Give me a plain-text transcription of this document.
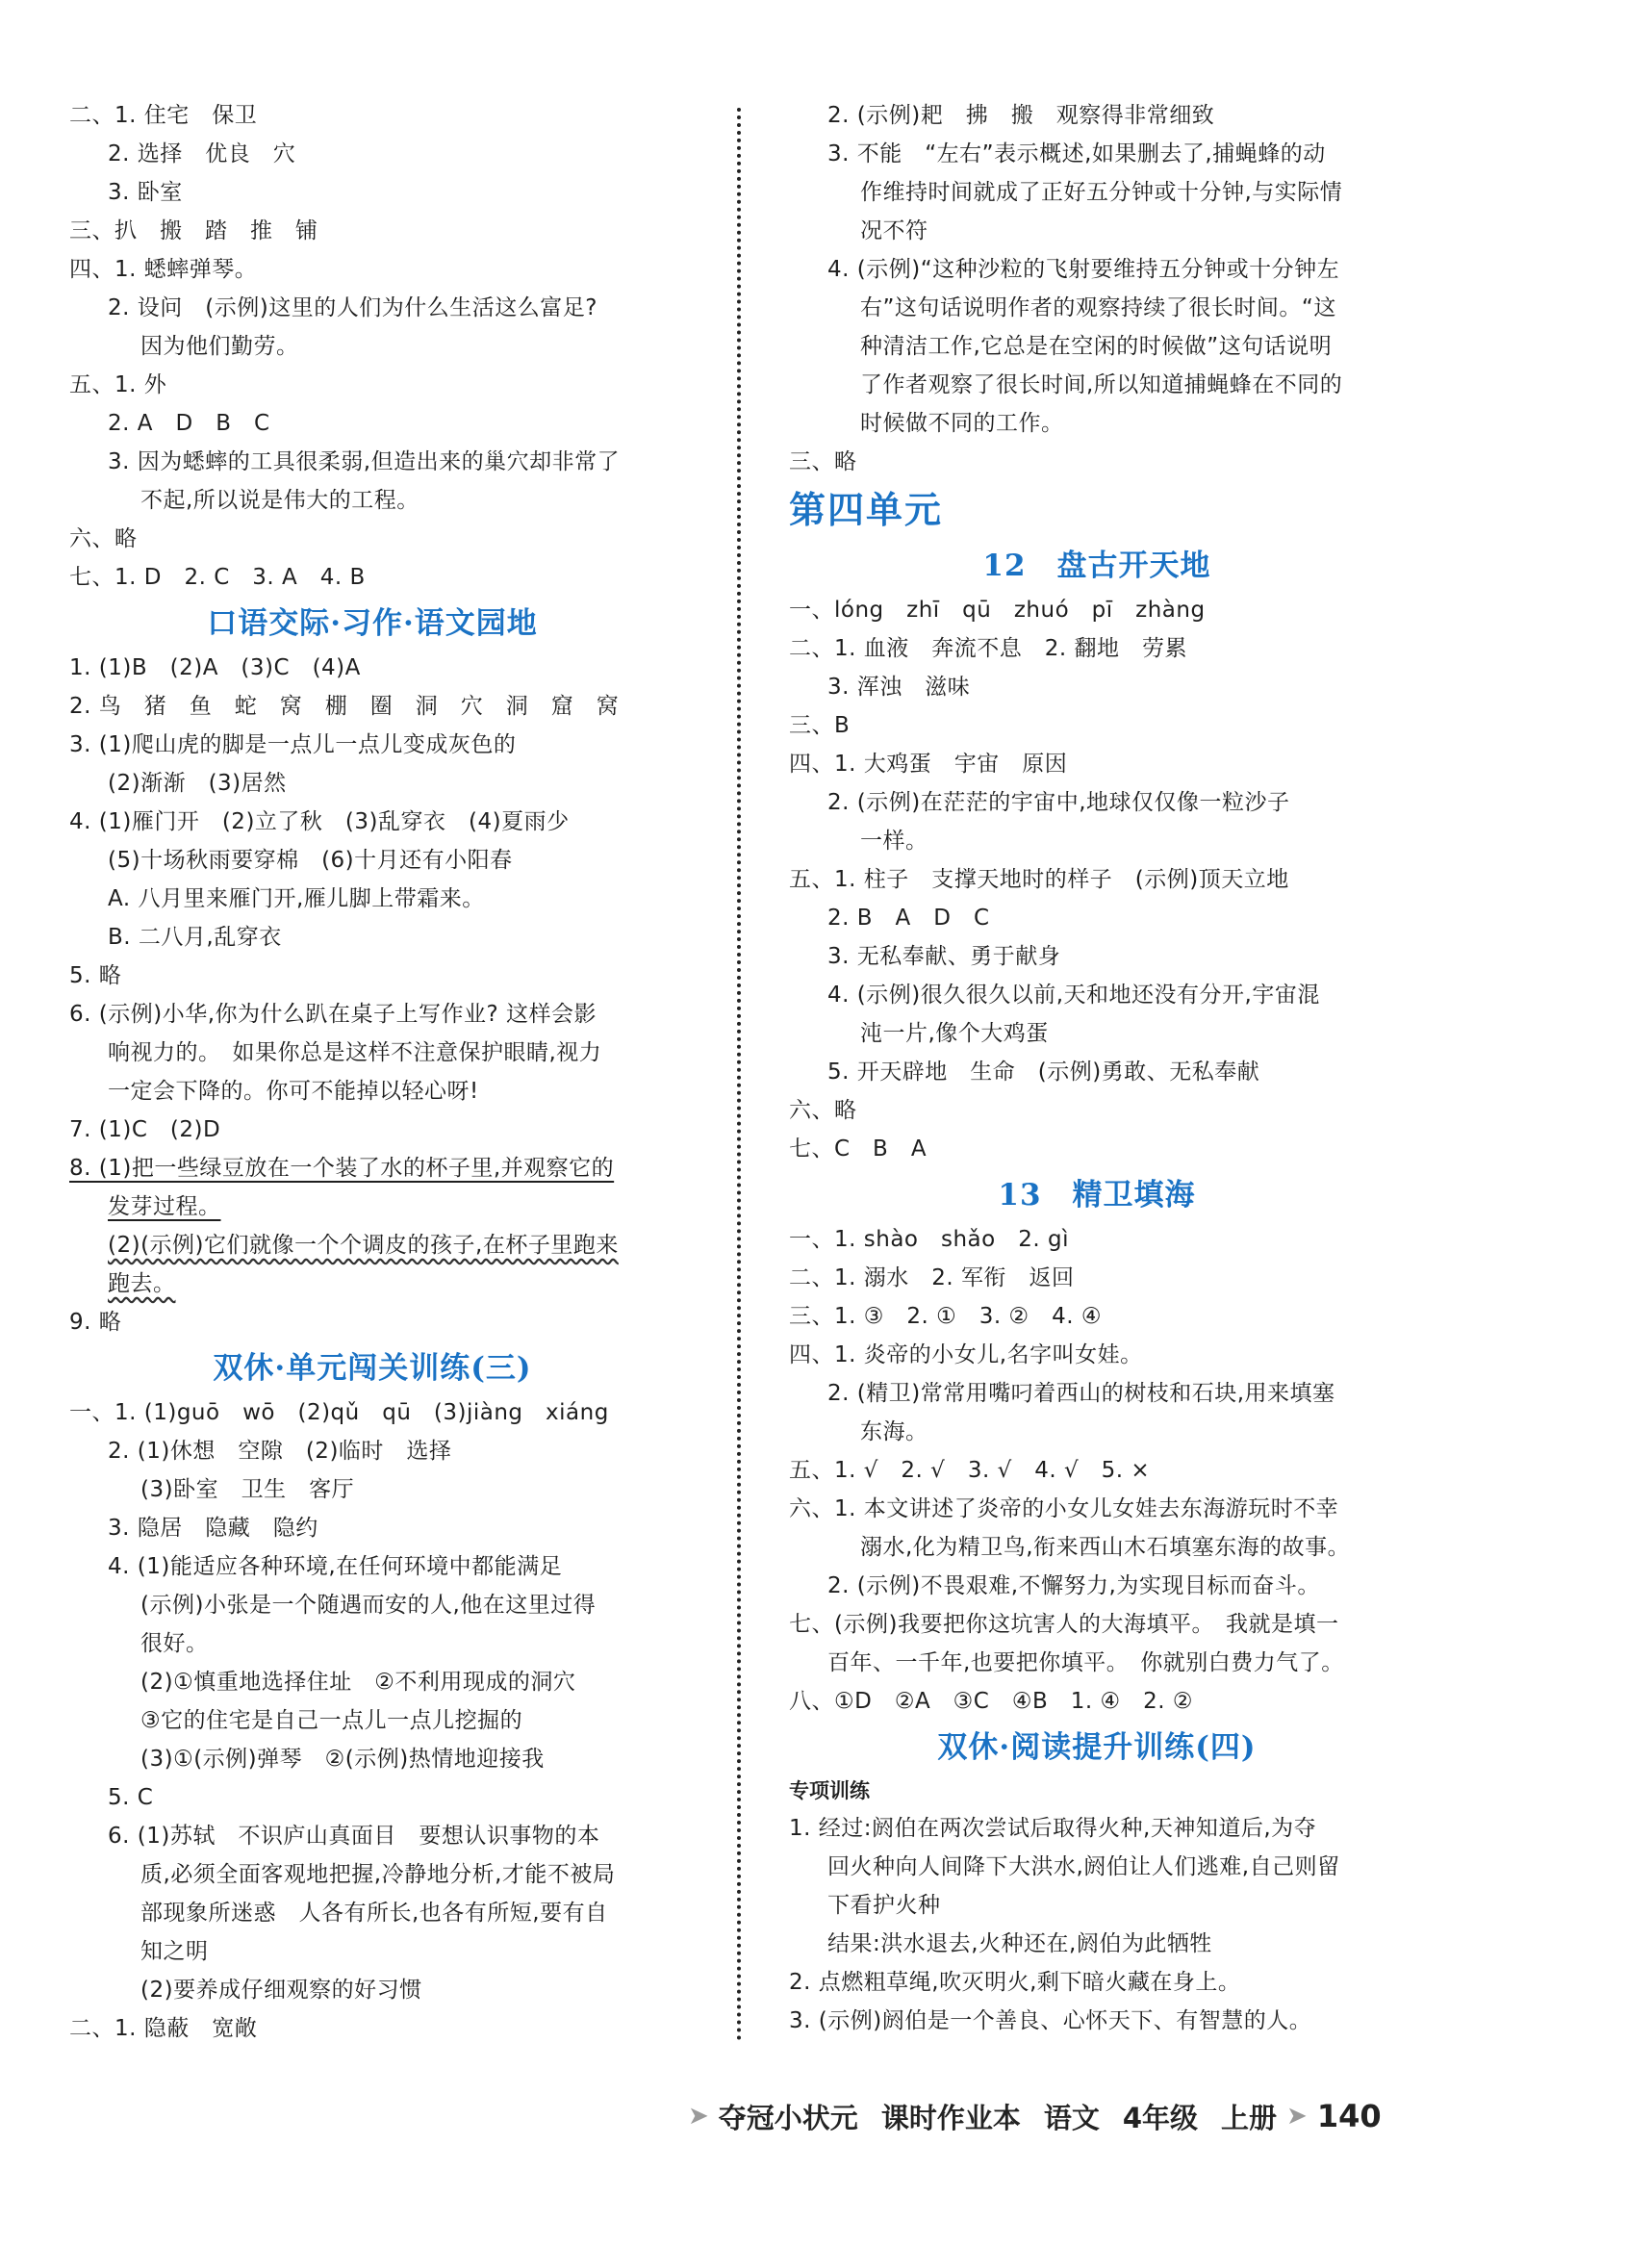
二、1. 住宅　保卫
2. 选择　优良　穴
3. 卧室
三、扒　搬　踏　推　铺
四、1. 蟋蟀弹琴。
2. 设问　(示例)这里的人们为什么生活这么富足?
因为他们勤劳。
五、1. 外
2. A　D　B　C
3. 因为蟋蟀的工具很柔弱,但造出来的巢穴却非常了
不起,所以说是伟大的工程。
六、略
七、1. D　2. C　3. A　4. B
口语交际·习作·语文园地
1. (1)B　(2)A　(3)C　(4)A
2. 鸟　猪　鱼　蛇　窝　棚　圈　洞　穴　洞　窟　窝
3. (1)爬山虎的脚是一点儿一点儿变成灰色的
(2)渐渐　(3)居然
4. (1)雁门开　(2)立了秋　(3)乱穿衣　(4)夏雨少
(5)十场秋雨要穿棉　(6)十月还有小阳春
A. 八月里来雁门开,雁儿脚上带霜来。
B. 二八月,乱穿衣
5. 略
6. (示例)小华,你为什么趴在桌子上写作业? 这样会影
响视力的。　如果你总是这样不注意保护眼睛,视力
一定会下降的。你可不能掉以轻心呀!
7. (1)C　(2)D
8. (1)把一些绿豆放在一个装了水的杯子里,并观察它的
发芽过程。
(2)(示例)它们就像一个个调皮的孩子,在杯子里跑来
跑去。
9. 略
双休·单元闯关训练(三)
一、1. (1)guō　wō　(2)qǔ　qū　(3)jiàng　xiáng
2. (1)休想　空隙　(2)临时　选择
(3)卧室　卫生　客厅
3. 隐居　隐藏　隐约
4. (1)能适应各种环境,在任何环境中都能满足
(示例)小张是一个随遇而安的人,他在这里过得
很好。
(2)①慎重地选择住址　②不利用现成的洞穴
③它的住宅是自己一点儿一点儿挖掘的
(3)①(示例)弹琴　②(示例)热情地迎接我
5. C
6. (1)苏轼　不识庐山真面目　要想认识事物的本
质,必须全面客观地把握,冷静地分析,才能不被局
部现象所迷惑　人各有所长,也各有所短,要有自
知之明
(2)要养成仔细观察的好习惯
二、1. 隐蔽　宽敞
2. (示例)耙　拂　搬　观察得非常细致
3. 不能　“左右”表示概述,如果删去了,捕蝇蜂的动
作维持时间就成了正好五分钟或十分钟,与实际情
况不符
4. (示例)“这种沙粒的飞射要维持五分钟或十分钟左
右”这句话说明作者的观察持续了很长时间。“这
种清洁工作,它总是在空闲的时候做”这句话说明
了作者观察了很长时间,所以知道捕蝇蜂在不同的
时候做不同的工作。
三、略
第四单元
12　盘古开天地
一、lóng　zhī　qū　zhuó　pī　zhàng
二、1. 血液　奔流不息　2. 翻地　劳累
3. 浑浊　滋味
三、B
四、1. 大鸡蛋　宇宙　原因
2. (示例)在茫茫的宇宙中,地球仅仅像一粒沙子
一样。
五、1. 柱子　支撑天地时的样子　(示例)顶天立地
2. B　A　D　C
3. 无私奉献、勇于献身
4. (示例)很久很久以前,天和地还没有分开,宇宙混
沌一片,像个大鸡蛋
5. 开天辟地　生命　(示例)勇敢、无私奉献
六、略
七、C　B　A
13　精卫填海
一、1. shào　shǎo　2. gì
二、1. 溺水　2. 军衔　返回
三、1. ③　2. ①　3. ②　4. ④
四、1. 炎帝的小女儿,名字叫女娃。
2. (精卫)常常用嘴叼着西山的树枝和石块,用来填塞
东海。
五、1. √　2. √　3. √　4. √　5. ×
六、1. 本文讲述了炎帝的小女儿女娃去东海游玩时不幸
溺水,化为精卫鸟,衔来西山木石填塞东海的故事。
2. (示例)不畏艰难,不懈努力,为实现目标而奋斗。
七、(示例)我要把你这坑害人的大海填平。　我就是填一
百年、一千年,也要把你填平。　你就别白费力气了。
八、①D　②A　③C　④B　1. ④　2. ②
双休·阅读提升训练(四)
专项训练
1. 经过:阏伯在两次尝试后取得火种,天神知道后,为夺
回火种向人间降下大洪水,阏伯让人们逃难,自己则留
下看护火种
结果:洪水退去,火种还在,阏伯为此牺牲
2. 点燃粗草绳,吹灭明火,剩下暗火藏在身上。
3. (示例)阏伯是一个善良、心怀天下、有智慧的人。
➤ 夺冠小状元 课时作业本 语文 4年级 上册 ➤ 140
